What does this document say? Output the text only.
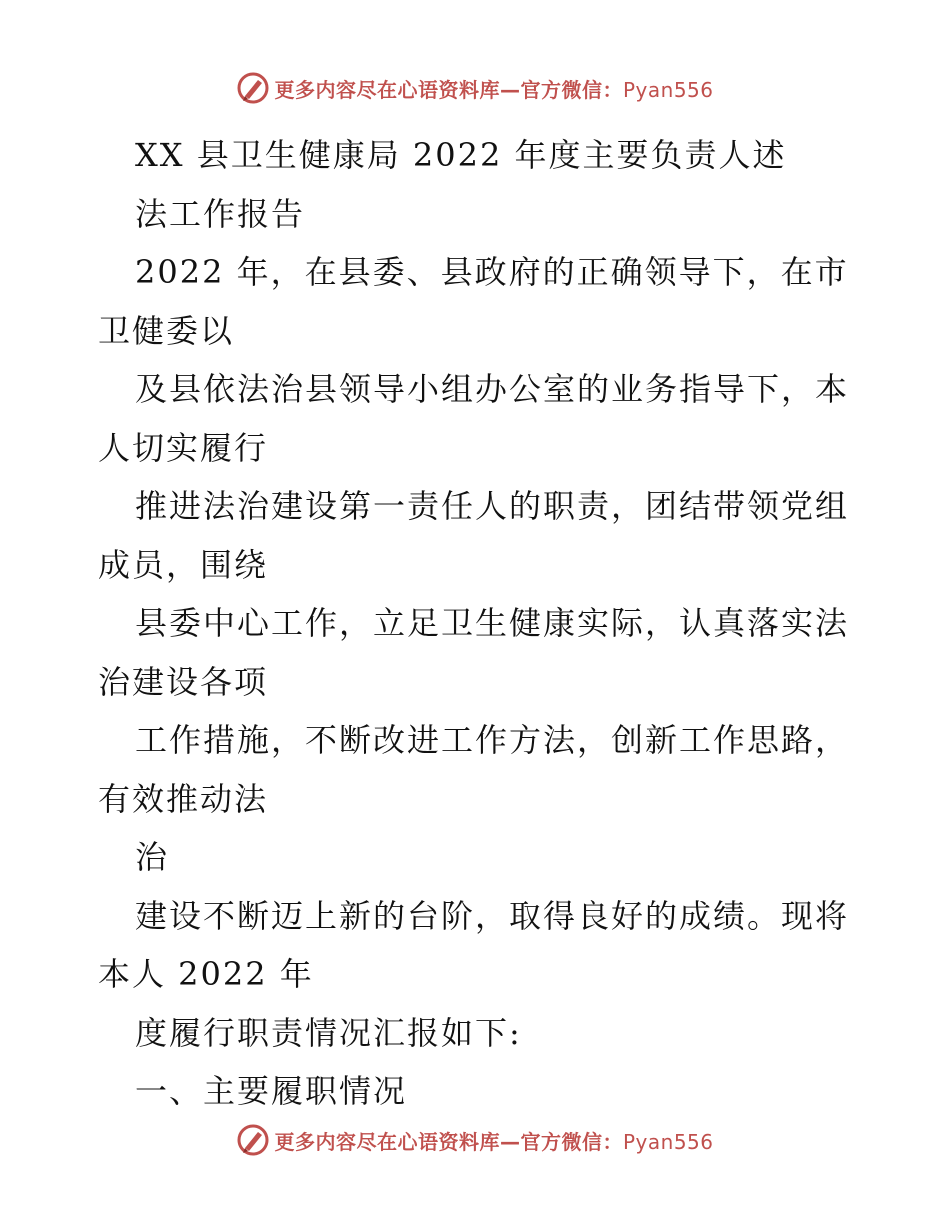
更多内容尽在心语资料库—官方微信：Pyan556
XX 县卫生健康局 2022 年度主要负责人述
法工作报告
2022 年，在县委、县政府的正确领导下，在市
卫健委以
及县依法治县领导小组办公室的业务指导下，本
人切实履行
推进法治建设第一责任人的职责，团结带领党组
成员，围绕
县委中心工作，立足卫生健康实际，认真落实法
治建设各项
工作措施，不断改进工作方法，创新工作思路，
有效推动法
治
建设不断迈上新的台阶，取得良好的成绩。现将
本人 2022 年
度履行职责情况汇报如下:
一、主要履职情况
更多内容尽在心语资料库—官方微信：Pyan556
